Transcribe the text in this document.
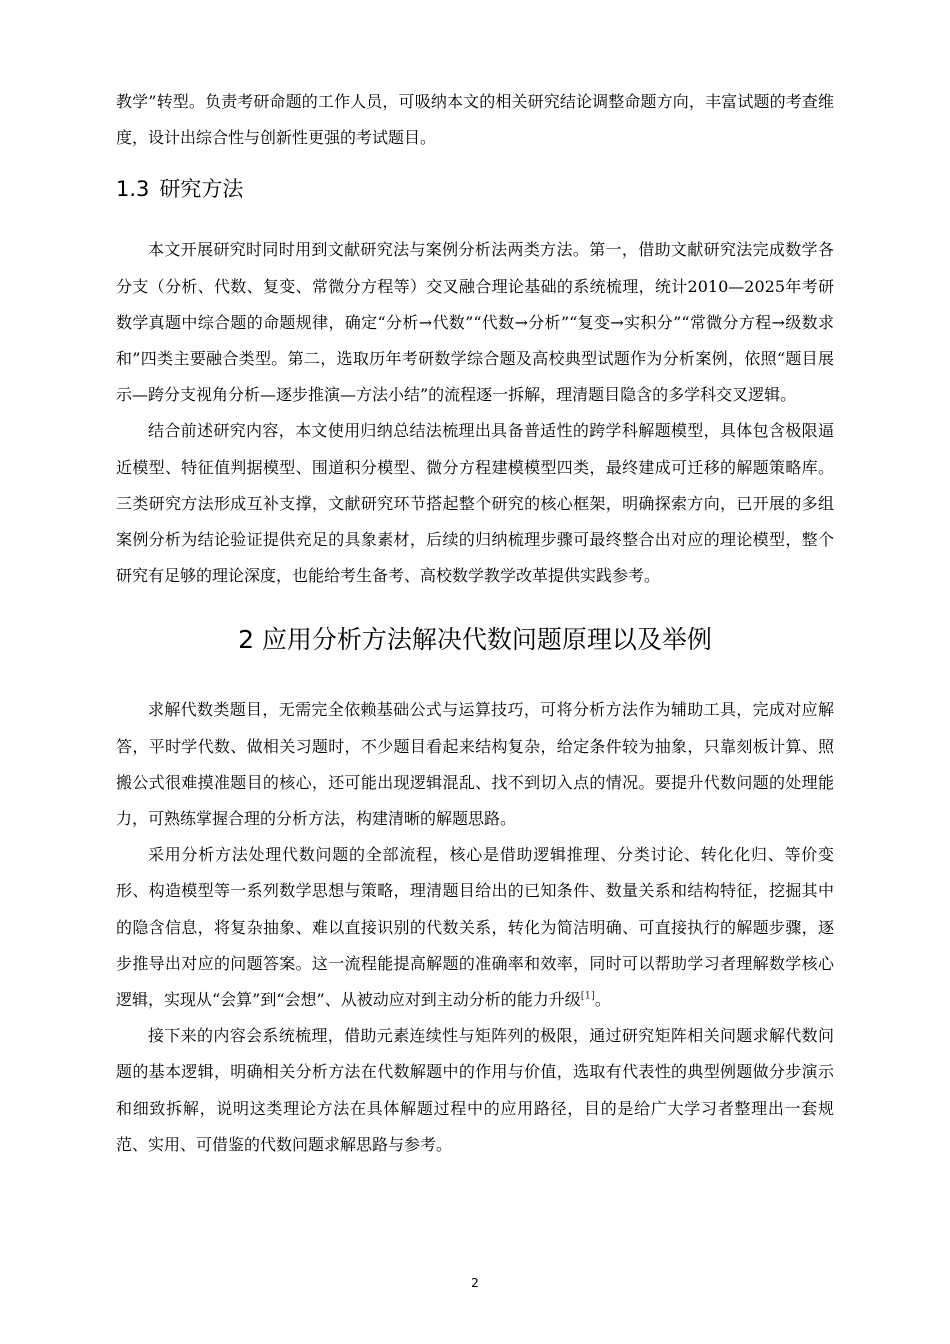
教学”转型。负责考研命题的工作人员，可吸纳本文的相关研究结论调整命题方向，丰富试题的考查维度，设计出综合性与创新性更强的考试题目。

1.3 研究方法

本文开展研究时同时用到文献研究法与案例分析法两类方法。第一，借助文献研究法完成数学各分支（分析、代数、复变、常微分方程等）交叉融合理论基础的系统梳理，统计2010—2025年考研数学真题中综合题的命题规律，确定“分析→代数”“代数→分析”“复变→实积分”“常微分方程→级数求和”四类主要融合类型。第二，选取历年考研数学综合题及高校典型试题作为分析案例，依照“题目展示—跨分支视角分析—逐步推演—方法小结”的流程逐一拆解，理清题目隐含的多学科交叉逻辑。

结合前述研究内容，本文使用归纳总结法梳理出具备普适性的跨学科解题模型，具体包含极限逼近模型、特征值判据模型、围道积分模型、微分方程建模模型四类，最终建成可迁移的解题策略库。三类研究方法形成互补支撑，文献研究环节搭起整个研究的核心框架，明确探索方向，已开展的多组案例分析为结论验证提供充足的具象素材，后续的归纳梳理步骤可最终整合出对应的理论模型，整个研究有足够的理论深度，也能给考生备考、高校数学教学改革提供实践参考。

2 应用分析方法解决代数问题原理以及举例

求解代数类题目，无需完全依赖基础公式与运算技巧，可将分析方法作为辅助工具，完成对应解答，平时学代数、做相关习题时，不少题目看起来结构复杂，给定条件较为抽象，只靠刻板计算、照搬公式很难摸准题目的核心，还可能出现逻辑混乱、找不到切入点的情况。要提升代数问题的处理能力，可熟练掌握合理的分析方法，构建清晰的解题思路。

采用分析方法处理代数问题的全部流程，核心是借助逻辑推理、分类讨论、转化化归、等价变形、构造模型等一系列数学思想与策略，理清题目给出的已知条件、数量关系和结构特征，挖掘其中的隐含信息，将复杂抽象、难以直接识别的代数关系，转化为简洁明确、可直接执行的解题步骤，逐步推导出对应的问题答案。这一流程能提高解题的准确率和效率，同时可以帮助学习者理解数学核心逻辑，实现从“会算”到“会想”、从被动应对到主动分析的能力升级[1]。

接下来的内容会系统梳理，借助元素连续性与矩阵列的极限，通过研究矩阵相关问题求解代数问题的基本逻辑，明确相关分析方法在代数解题中的作用与价值，选取有代表性的典型例题做分步演示和细致拆解，说明这类理论方法在具体解题过程中的应用路径，目的是给广大学习者整理出一套规范、实用、可借鉴的代数问题求解思路与参考。

2
